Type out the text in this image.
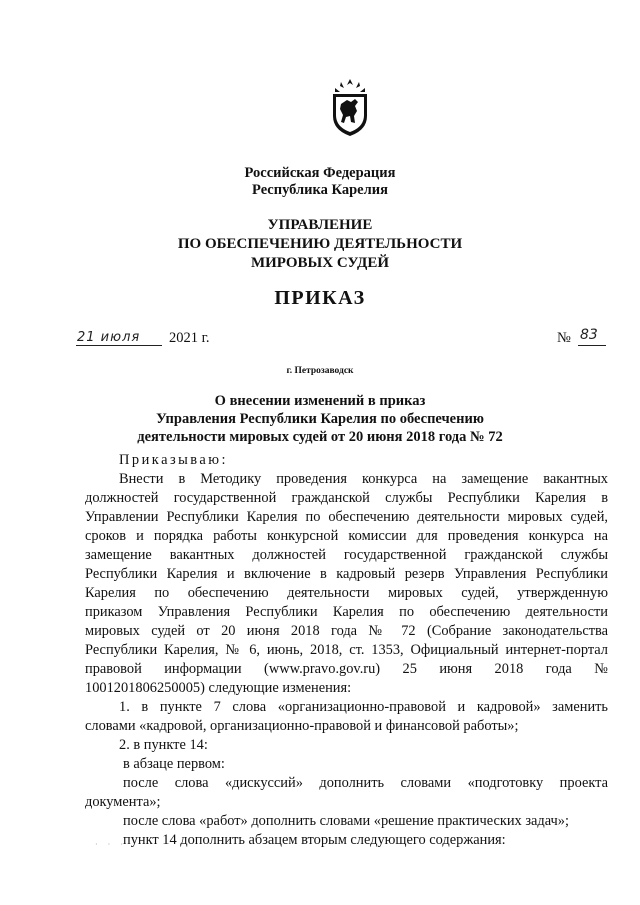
Российская Федерация
Республика Карелия
УПРАВЛЕНИЕ
ПО ОБЕСПЕЧЕНИЮ ДЕЯТЕЛЬНОСТИ
МИРОВЫХ СУДЕЙ
ПРИКАЗ
21 июля 2021 г.	№ 83
г. Петрозаводск
О внесении изменений в приказ
Управления Республики Карелия по обеспечению
деятельности мировых судей от 20 июня 2018 года № 72

Приказываю:

Внести в Методику проведения конкурса на замещение вакантных

должностей государственной гражданской службы Республики Карелия в

Управлении Республики Карелия по обеспечению деятельности мировых судей,

сроков и порядка работы конкурсной комиссии для проведения конкурса на

замещение вакантных должностей государственной гражданской службы

Республики Карелия и включение в кадровый резерв Управления Республики

Карелия по обеспечению деятельности мировых судей, утвержденную

приказом Управления Республики Карелия по обеспечению деятельности

мировых судей от 20 июня 2018 года № 72 (Собрание законодательства

Республики Карелия, № 6, июнь, 2018, ст. 1353, Официальный интернет-портал

правовой информации (www.pravo.gov.ru) 25 июня 2018 года №

1001201806250005) следующие изменения:

1. в пункте 7 слова «организационно-правовой и кадровой» заменить

словами «кадровой, организационно-правовой и финансовой работы»;

2. в пункте 14:

в абзаце первом:

после слова «дискуссий» дополнить словами «подготовку проекта

документа»;

после слова «работ» дополнить словами «решение практических задач»;

пункт 14 дополнить абзацем вторым следующего содержания:

· · ·
